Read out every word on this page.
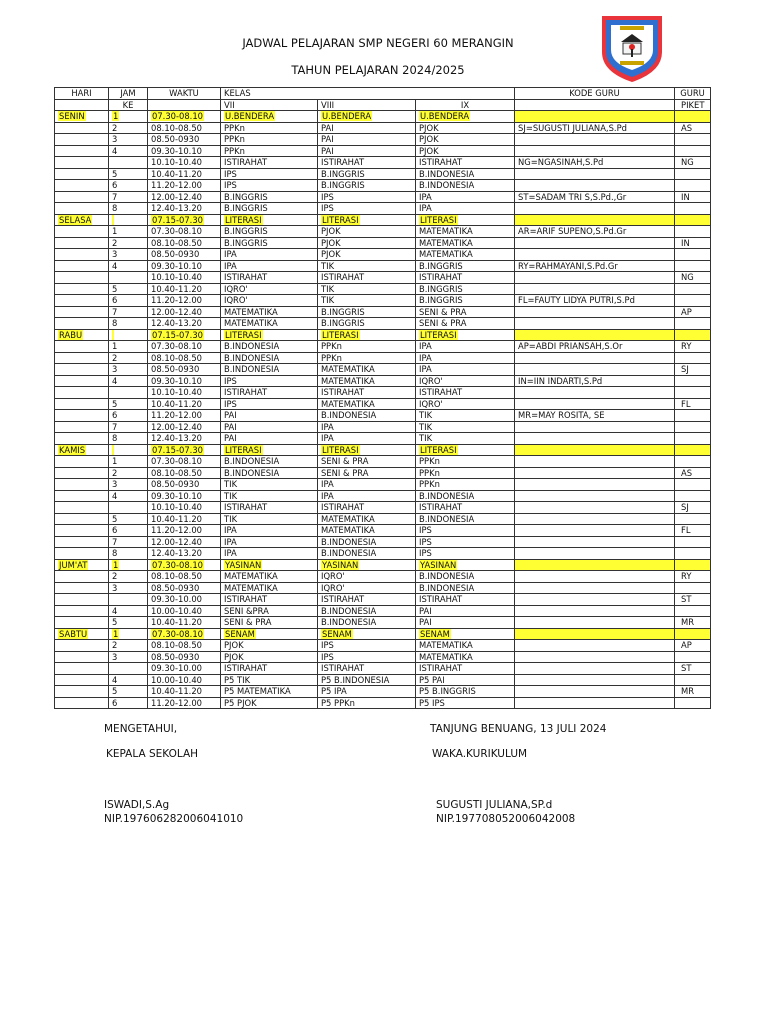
JADWAL PELAJARAN SMP NEGERI 60 MERANGIN
TAHUN PELAJARAN 2024/2025
HARI	JAM	WAKTU	KELAS			KODE GURU	GURU
	KE		VII	VIII	IX		PIKET
SENIN	1	07.30-08.10	U.BENDERA	U.BENDERA	U.BENDERA		
	2	08.10-08.50	PPKn	PAI	PJOK	SJ=SUGUSTI JULIANA,S.Pd	AS
	3	08.50-0930	PPKn	PAI	PJOK		
	4	09.30-10.10	PPKn	PAI	PJOK		
		10.10-10.40	ISTIRAHAT	ISTIRAHAT	ISTIRAHAT	NG=NGASINAH,S.Pd	NG
	5	10.40-11.20	IPS	B.INGGRIS	B.INDONESIA		
	6	11.20-12.00	IPS	B.INGGRIS	B.INDONESIA		
	7	12.00-12.40	B.INGGRIS	IPS	IPA	ST=SADAM TRI S,S.Pd.,Gr	IN
	8	12.40-13.20	B.INGGRIS	IPS	IPA		
SELASA		07.15-07.30	LITERASI	LITERASI	LITERASI		
	1	07.30-08.10	B.INGGRIS	PJOK	MATEMATIKA	AR=ARIF SUPENO,S.Pd.Gr	
	2	08.10-08.50	B.INGGRIS	PJOK	MATEMATIKA		IN
	3	08.50-0930	IPA	PJOK	MATEMATIKA		
	4	09.30-10.10	IPA	TIK	B.INGGRIS	RY=RAHMAYANI,S.Pd.Gr	
		10.10-10.40	ISTIRAHAT	ISTIRAHAT	ISTIRAHAT		NG
	5	10.40-11.20	IQRO'	TIK	B.INGGRIS		
	6	11.20-12.00	IQRO'	TIK	B.INGGRIS	FL=FAUTY LIDYA PUTRI,S.Pd	
	7	12.00-12.40	MATEMATIKA	B.INGGRIS	SENI & PRA		AP
	8	12.40-13.20	MATEMATIKA	B.INGGRIS	SENI & PRA		
RABU		07.15-07.30	LITERASI	LITERASI	LITERASI		
	1	07.30-08.10	B.INDONESIA	PPKn	IPA	AP=ABDI PRIANSAH,S.Or	RY
	2	08.10-08.50	B.INDONESIA	PPKn	IPA		
	3	08.50-0930	B.INDONESIA	MATEMATIKA	IPA		SJ
	4	09.30-10.10	IPS	MATEMATIKA	IQRO'	IN=IIN INDARTI,S.Pd	
		10.10-10.40	ISTIRAHAT	ISTIRAHAT	ISTIRAHAT		
	5	10.40-11.20	IPS	MATEMATIKA	IQRO'		FL
	6	11.20-12.00	PAI	B.INDONESIA	TIK	MR=MAY ROSITA, SE	
	7	12.00-12.40	PAI	IPA	TIK		
	8	12.40-13.20	PAI	IPA	TIK		
KAMIS		07.15-07.30	LITERASI	LITERASI	LITERASI		
	1	07.30-08.10	B.INDONESIA	SENI & PRA	PPKn		
	2	08.10-08.50	B.INDONESIA	SENI & PRA	PPKn		AS
	3	08.50-0930	TIK	IPA	PPKn		
	4	09.30-10.10	TIK	IPA	B.INDONESIA		
		10.10-10.40	ISTIRAHAT	ISTIRAHAT	ISTIRAHAT		SJ
	5	10.40-11.20	TIK	MATEMATIKA	B.INDONESIA		
	6	11.20-12.00	IPA	MATEMATIKA	IPS		FL
	7	12.00-12.40	IPA	B.INDONESIA	IPS		
	8	12.40-13.20	IPA	B.INDONESIA	IPS		
JUM'AT	1	07.30-08.10	YASINAN	YASINAN	YASINAN		
	2	08.10-08.50	MATEMATIKA	IQRO'	B.INDONESIA		RY
	3	08.50-0930	MATEMATIKA	IQRO'	B.INDONESIA		
		09.30-10.00	ISTIRAHAT	ISTIRAHAT	ISTIRAHAT		ST
	4	10.00-10.40	SENI &PRA	B.INDONESIA	PAI		
	5	10.40-11.20	SENI & PRA	B.INDONESIA	PAI		MR
SABTU	1	07.30-08.10	SENAM	SENAM	SENAM		
	2	08.10-08.50	PJOK	IPS	MATEMATIKA		AP
	3	08.50-0930	PJOK	IPS	MATEMATIKA		
		09.30-10.00	ISTIRAHAT	ISTIRAHAT	ISTIRAHAT		ST
	4	10.00-10.40	P5 TIK	P5 B.INDONESIA	P5 PAI		
	5	10.40-11.20	P5 MATEMATIKA	P5 IPA	P5 B.INGGRIS		MR
	6	11.20-12.00	P5 PJOK	P5 PPKn	P5 IPS		
MENGETAHUI,
KEPALA SEKOLAH
ISWADI,S.Ag
NIP.197606282006041010
TANJUNG BENUANG, 13 JULI 2024
WAKA.KURIKULUM
SUGUSTI JULIANA,SP.d
NIP.197708052006042008
